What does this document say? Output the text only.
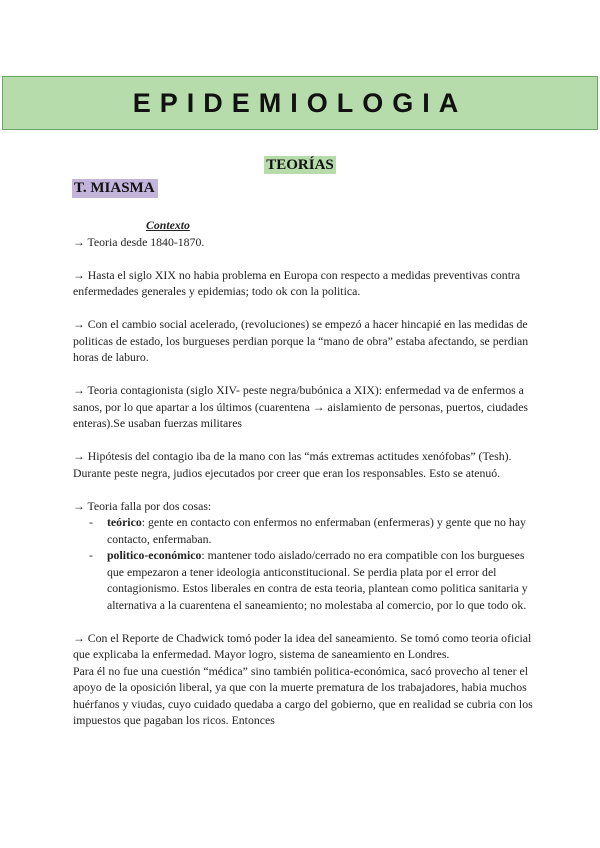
EPIDEMIOLOGIA
TEORÍAS
T. MIASMA

Contexto

→ Teoria desde 1840-1870.

→ Hasta el siglo XIX no habia problema en Europa con respecto a medidas preventivas contra enfermedades generales y epidemias; todo ok con la politica.

→ Con el cambio social acelerado, (revoluciones) se empezó a hacer hincapié en las medidas de politicas de estado, los burgueses perdian porque la “mano de obra” estaba afectando, se perdian horas de laburo.

→ Teoria contagionista (siglo XIV- peste negra/bubónica a XIX): enfermedad va de enfermos a sanos, por lo que apartar a los últimos (cuarentena → aislamiento de personas, puertos, ciudades enteras).Se usaban fuerzas militares

→ Hipótesis del contagio iba de la mano con las “más extremas actitudes xenófobas” (Tesh). Durante peste negra, judios ejecutados por creer que eran los responsables. Esto se atenuó.

→ Teoria falla por dos cosas:

- teórico: gente en contacto con enfermos no enfermaban (enfermeras) y gente que no hay contacto, enfermaban.
- politico-económico: mantener todo aislado/cerrado no era compatible con los burgueses que empezaron a tener ideologia anticonstitucional. Se perdia plata por el error del contagionismo. Estos liberales en contra de esta teoria, plantean como politica sanitaria y alternativa a la cuarentena el saneamiento; no molestaba al comercio, por lo que todo ok.

→ Con el Reporte de Chadwick tomó poder la idea del saneamiento. Se tomó como teoria oficial que explicaba la enfermedad. Mayor logro, sistema de saneamiento en Londres.

Para él no fue una cuestión “médica” sino también politica-económica, sacó provecho al tener el apoyo de la oposición liberal, ya que con la muerte prematura de los trabajadores, habia muchos huérfanos y viudas, cuyo cuidado quedaba a cargo del gobierno, que en realidad se cubria con los impuestos que pagaban los ricos. Entonces
